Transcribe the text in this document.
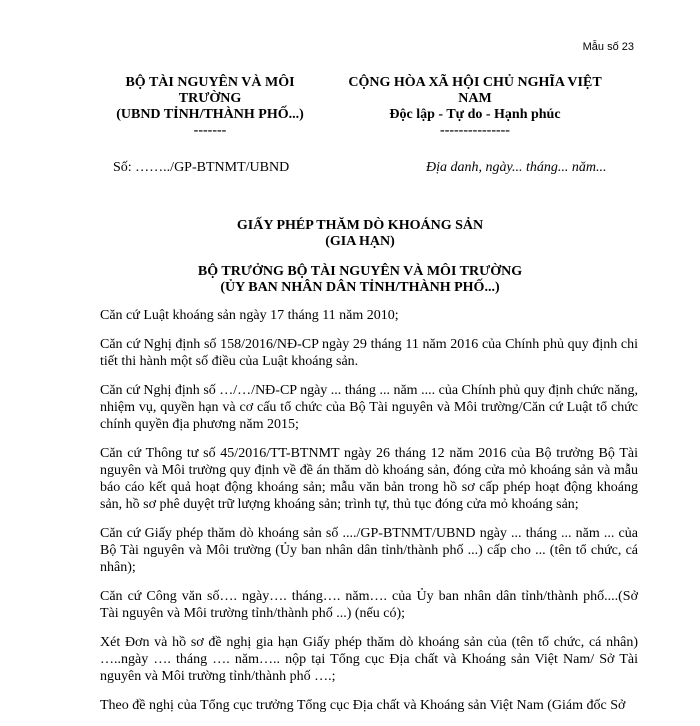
Mẫu số 23
BỘ TÀI NGUYÊN VÀ MÔI
TRƯỜNG
(UBND TỈNH/THÀNH PHỐ...)
-------
CỘNG HÒA XÃ HỘI CHỦ NGHĨA VIỆT
NAM
Độc lập - Tự do - Hạnh phúc
---------------
Số: ……../GP-BTNMT/UBND	Địa danh, ngày... tháng... năm...
GIẤY PHÉP THĂM DÒ KHOÁNG SẢN
(GIA HẠN)
BỘ TRƯỞNG BỘ TÀI NGUYÊN VÀ MÔI TRƯỜNG
(ỦY BAN NHÂN DÂN TỈNH/THÀNH PHỐ...)

Căn cứ Luật khoáng sản ngày 17 tháng 11 năm 2010;

Căn cứ Nghị định số 158/2016/NĐ-CP ngày 29 tháng 11 năm 2016 của Chính phủ quy định chi tiết thi hành một số điều của Luật khoáng sản.

Căn cứ Nghị định số …/…/NĐ-CP ngày ... tháng ... năm .... của Chính phủ quy định chức năng, nhiệm vụ, quyền hạn và cơ cấu tổ chức của Bộ Tài nguyên và Môi trường/Căn cứ Luật tổ chức chính quyền địa phương năm 2015;

Căn cứ Thông tư số 45/2016/TT-BTNMT ngày 26 tháng 12 năm 2016 của Bộ trưởng Bộ Tài nguyên và Môi trường quy định về đề án thăm dò khoáng sản, đóng cửa mỏ khoáng sản và mẫu báo cáo kết quả hoạt động khoáng sản; mẫu văn bản trong hồ sơ cấp phép hoạt động khoáng sản, hồ sơ phê duyệt trữ lượng khoáng sản; trình tự, thủ tục đóng cửa mỏ khoáng sản;

Căn cứ Giấy phép thăm dò khoáng sản số ..../GP-BTNMT/UBND ngày ... tháng ... năm ... của Bộ Tài nguyên và Môi trường (Ủy ban nhân dân tỉnh/thành phố ...) cấp cho ... (tên tổ chức, cá nhân);

Căn cứ Công văn số…. ngày…. tháng…. năm…. của Ủy ban nhân dân tỉnh/thành phố....(Sở Tài nguyên và Môi trường tỉnh/thành phố ...) (nếu có);

Xét Đơn và hồ sơ đề nghị gia hạn Giấy phép thăm dò khoáng sản của (tên tổ chức, cá nhân) …..ngày …. tháng …. năm….. nộp tại Tổng cục Địa chất và Khoáng sản Việt Nam/ Sở Tài nguyên và Môi trường tỉnh/thành phố ….;

Theo đề nghị của Tổng cục trưởng Tổng cục Địa chất và Khoáng sản Việt Nam (Giám đốc Sở
